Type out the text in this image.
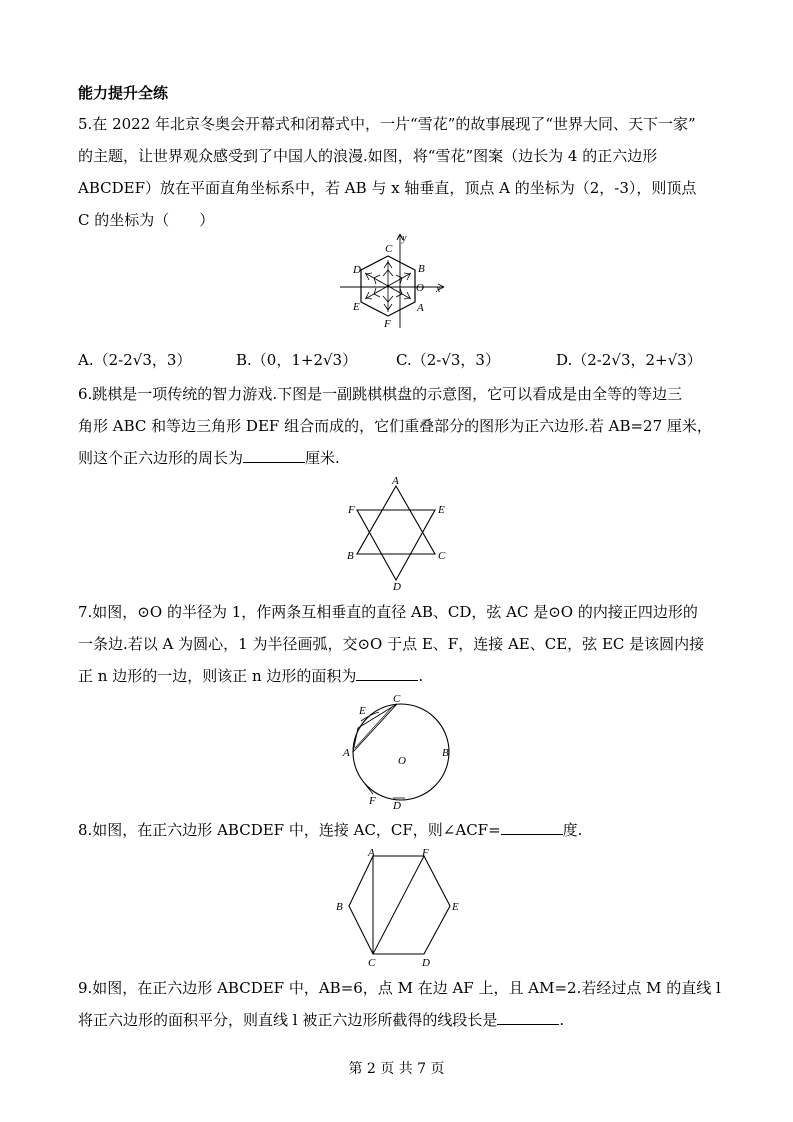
能力提升全练
5.在 2022 年北京冬奥会开幕式和闭幕式中，一片“雪花”的故事展现了“世界大同、天下一家”
的主题，让世界观众感受到了中国人的浪漫.如图，将“雪花”图案（边长为 4 的正六边形
ABCDEF）放在平面直角坐标系中，若 AB 与 x 轴垂直，顶点 A 的坐标为（2，-3），则顶点
C 的坐标为（　　）
C
y
D	B
O x
E	A
F
A.（2-2√3，3）	B.（0，1+2√3）	C.（2-√3，3）	D.（2-2√3，2+√3）
6.跳棋是一项传统的智力游戏.下图是一副跳棋棋盘的示意图，它可以看成是由全等的等边三
角形 ABC 和等边三角形 DEF 组合而成的，它们重叠部分的图形为正六边形.若 AB=27 厘米，
则这个正六边形的周长为	厘米.
A
F	E
B	C
D
7.如图，⊙O 的半径为 1，作两条互相垂直的直径 AB、CD，弦 AC 是⊙O 的内接正四边形的
一条边.若以 A 为圆心，1 为半径画弧，交⊙O 于点 E、F，连接 AE、CE，弦 EC 是该圆内接
正 n 边形的一边，则该正 n 边形的面积为	.
C
E
A
O
B
F D
8.如图，在正六边形 ABCDEF 中，连接 AC，CF，则∠ACF=	度.
A	F
B	E
C	D
9.如图，在正六边形 ABCDEF 中，AB=6，点 M 在边 AF 上，且 AM=2.若经过点 M 的直线 l
将正六边形的面积平分，则直线 l 被正六边形所截得的线段长是	.
第 2 页 共 7 页
